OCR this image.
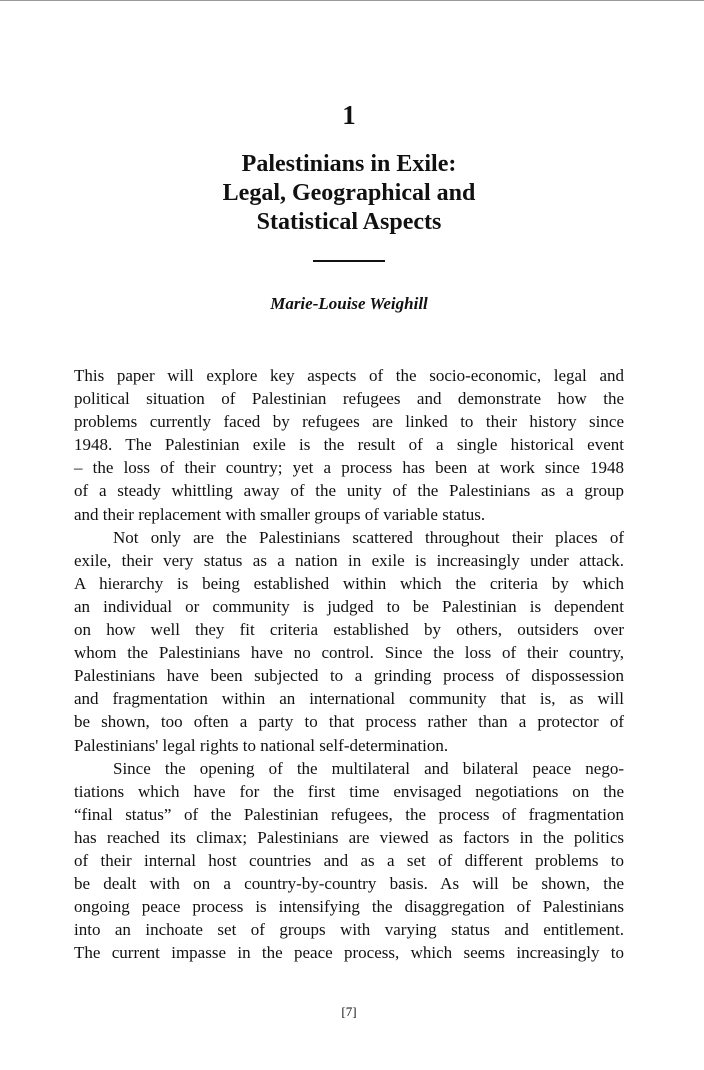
1
Palestinians in Exile:
Legal, Geographical and
Statistical Aspects
Marie-Louise Weighill

This paper will explore key aspects of the socio-economic, legal and

political situation of Palestinian refugees and demonstrate how the

problems currently faced by refugees are linked to their history since

1948. The Palestinian exile is the result of a single historical event

– the loss of their country; yet a process has been at work since 1948

of a steady whittling away of the unity of the Palestinians as a group

and their replacement with smaller groups of variable status.

Not only are the Palestinians scattered throughout their places of

exile, their very status as a nation in exile is increasingly under attack.

A hierarchy is being established within which the criteria by which

an individual or community is judged to be Palestinian is dependent

on how well they fit criteria established by others, outsiders over

whom the Palestinians have no control. Since the loss of their country,

Palestinians have been subjected to a grinding process of dispossession

and fragmentation within an international community that is, as will

be shown, too often a party to that process rather than a protector of

Palestinians' legal rights to national self-determination.

Since the opening of the multilateral and bilateral peace nego-

tiations which have for the first time envisaged negotiations on the

“final status” of the Palestinian refugees, the process of fragmentation

has reached its climax; Palestinians are viewed as factors in the politics

of their internal host countries and as a set of different problems to

be dealt with on a country-by-country basis. As will be shown, the

ongoing peace process is intensifying the disaggregation of Palestinians

into an inchoate set of groups with varying status and entitlement.

The current impasse in the peace process, which seems increasingly to

[7]
